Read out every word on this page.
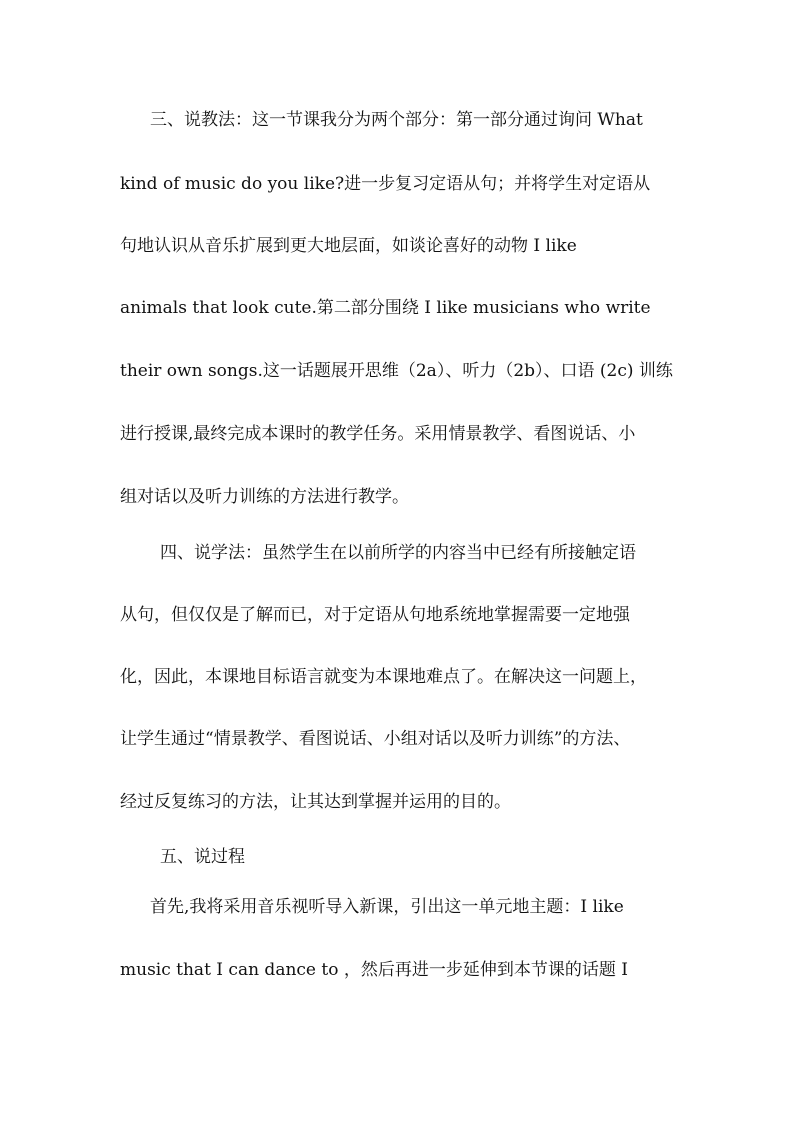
三、说教法：这一节课我分为两个部分：第一部分通过询问 What
kind of music do you like?进一步复习定语从句；并将学生对定语从
句地认识从音乐扩展到更大地层面，如谈论喜好的动物 I like
animals that look cute.第二部分围绕 I like musicians who write
their own songs.这一话题展开思维（2a）、听力（2b）、口语 (2c) 训练
进行授课,最终完成本课时的教学任务。采用情景教学、看图说话、小
组对话以及听力训练的方法进行教学。
四、说学法：虽然学生在以前所学的内容当中已经有所接触定语
从句，但仅仅是了解而已，对于定语从句地系统地掌握需要一定地强
化，因此，本课地目标语言就变为本课地难点了。在解决这一问题上，
让学生通过“情景教学、看图说话、小组对话以及听力训练”的方法、
经过反复练习的方法，让其达到掌握并运用的目的。
五、说过程
首先,我将采用音乐视听导入新课，引出这一单元地主题：I like
music that I can dance to ，然后再进一步延伸到本节课的话题 I
